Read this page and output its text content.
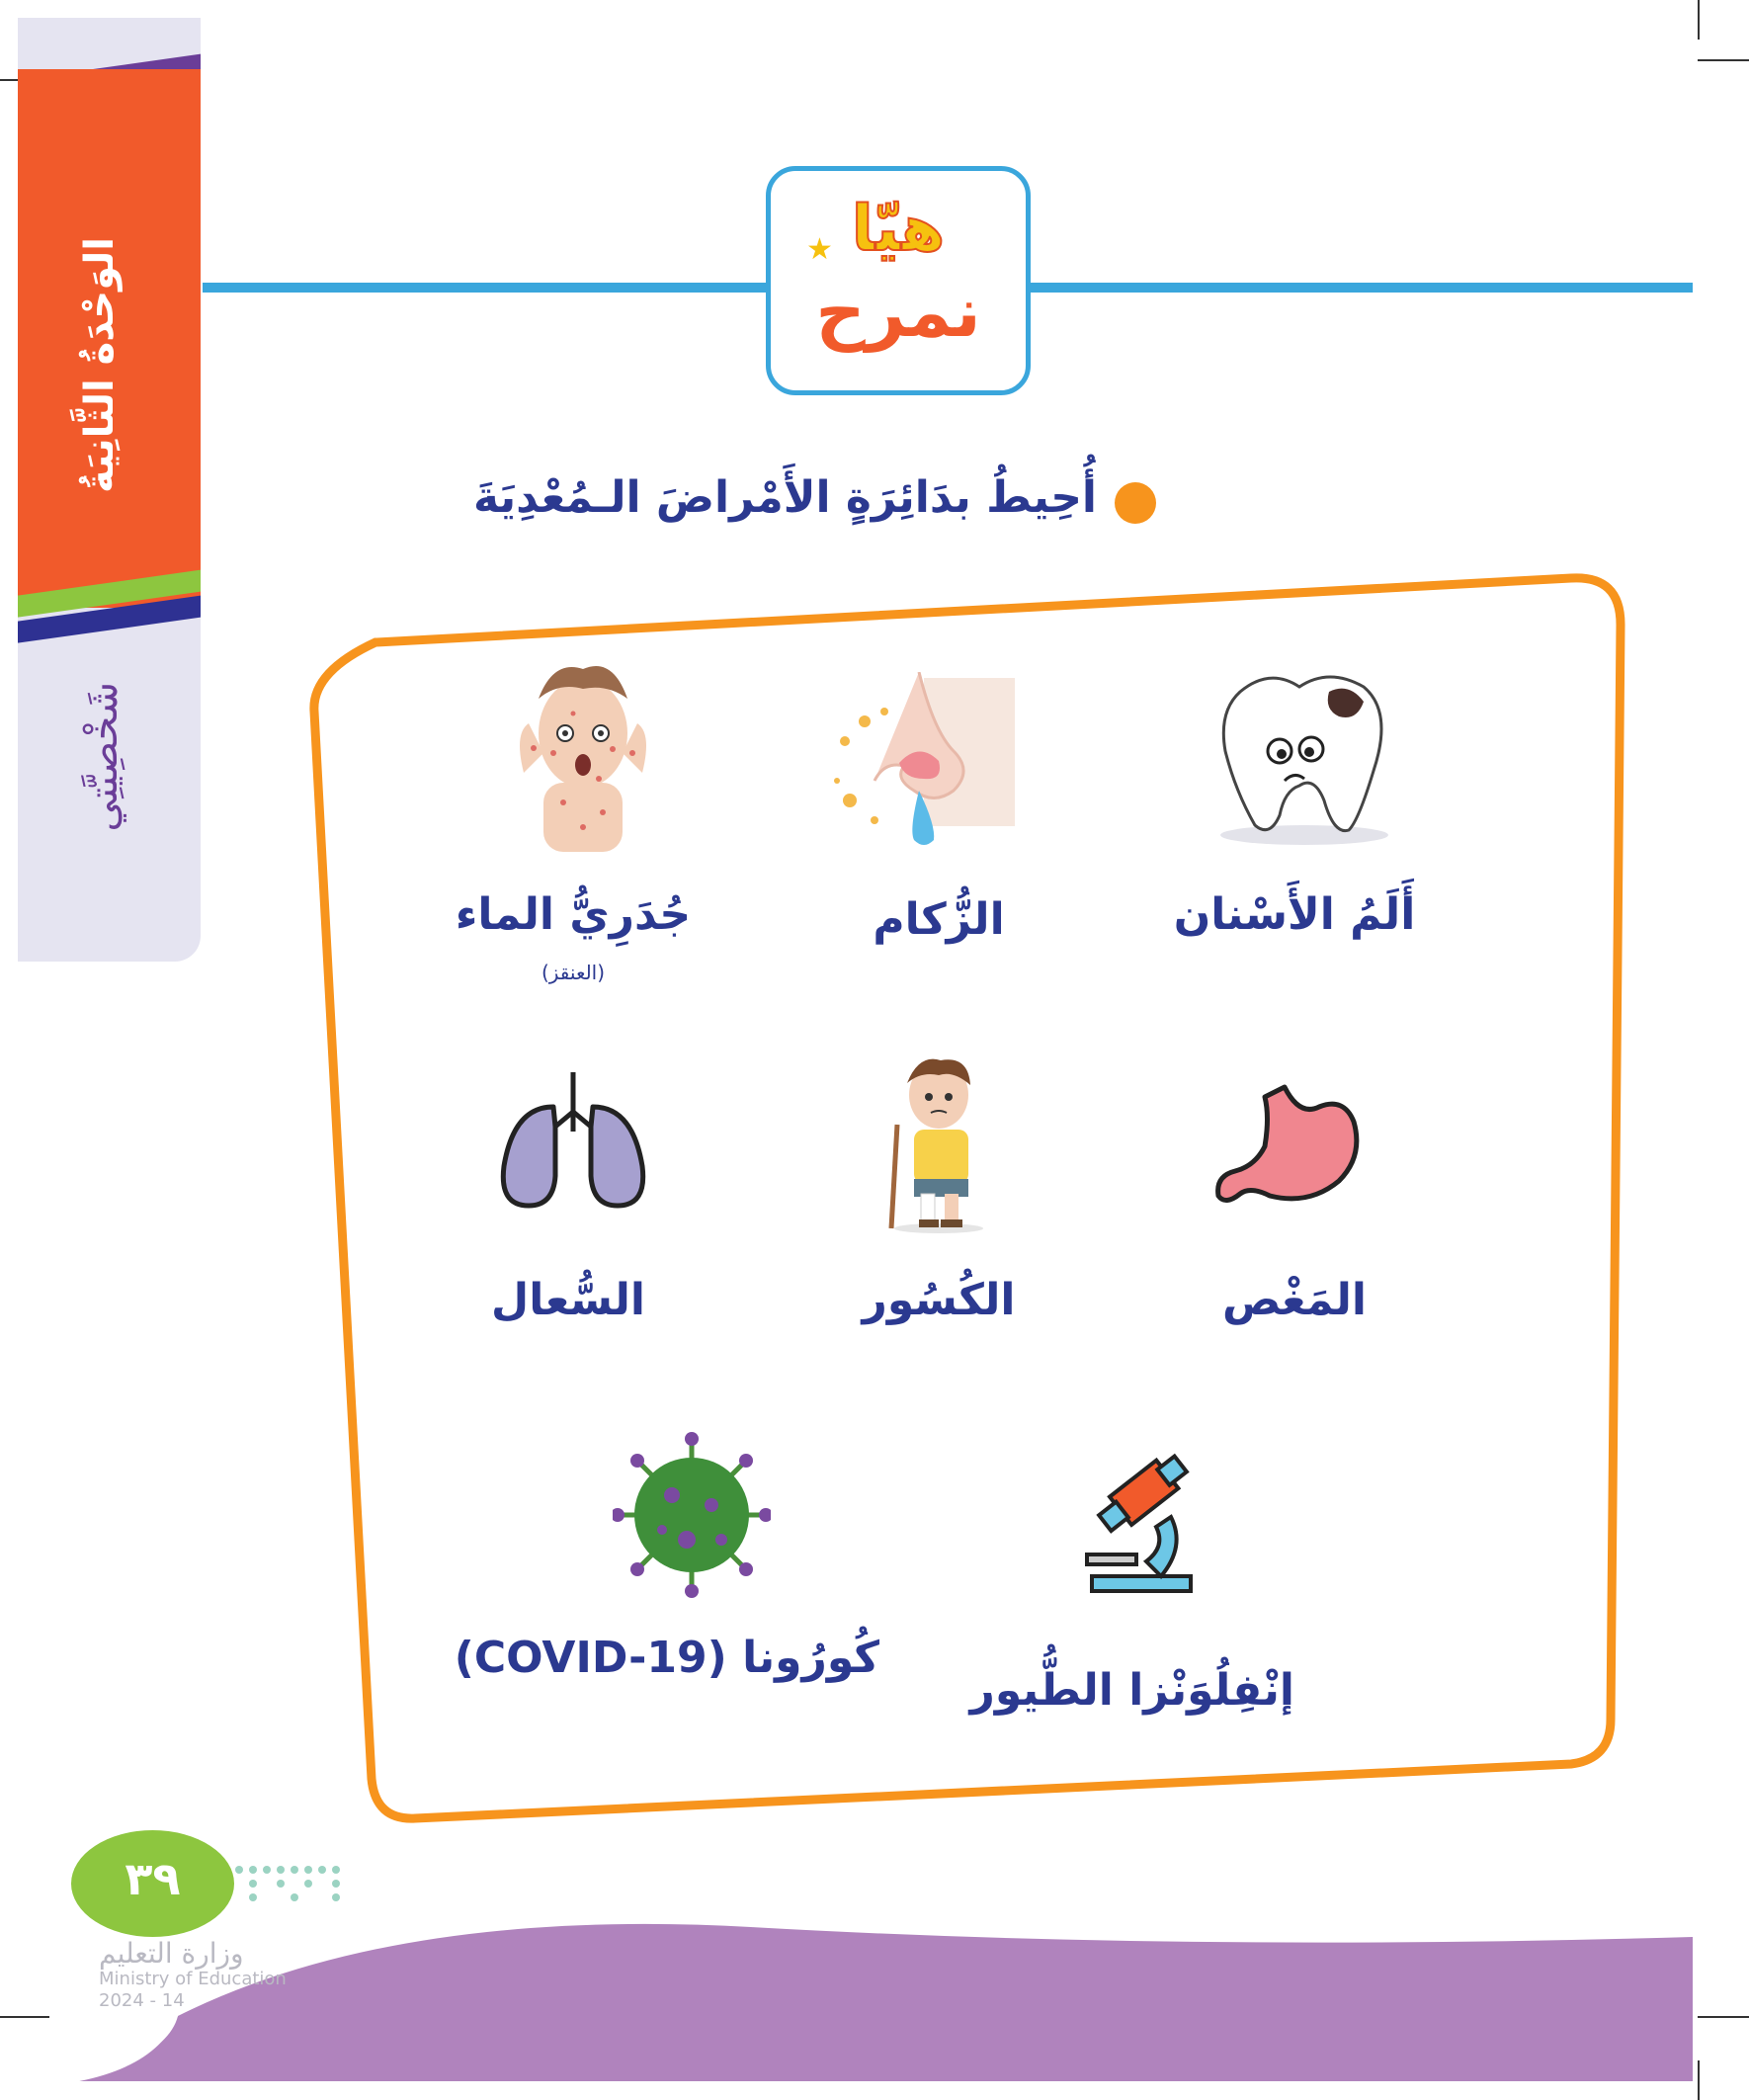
الوَحْدَةُ الثَّانِيَةُ
شَخْصِيَّتِي
★ هيّا
نمرح
أُحِيطُ بدَائِرَةٍ الأَمْراضَ الـمُعْدِيَةَ
أَلَمُ الأَسْنان
الزُّكام
جُدَرِيُّ الماء
(العنقز)
المَغْص
الكُسُور
السُّعال
إنْفِلُوَنْزا الطُّيور
كُورُونا (COVID-19)
٣٩
وزارة التعليم
Ministry of Education
2024 - 14
